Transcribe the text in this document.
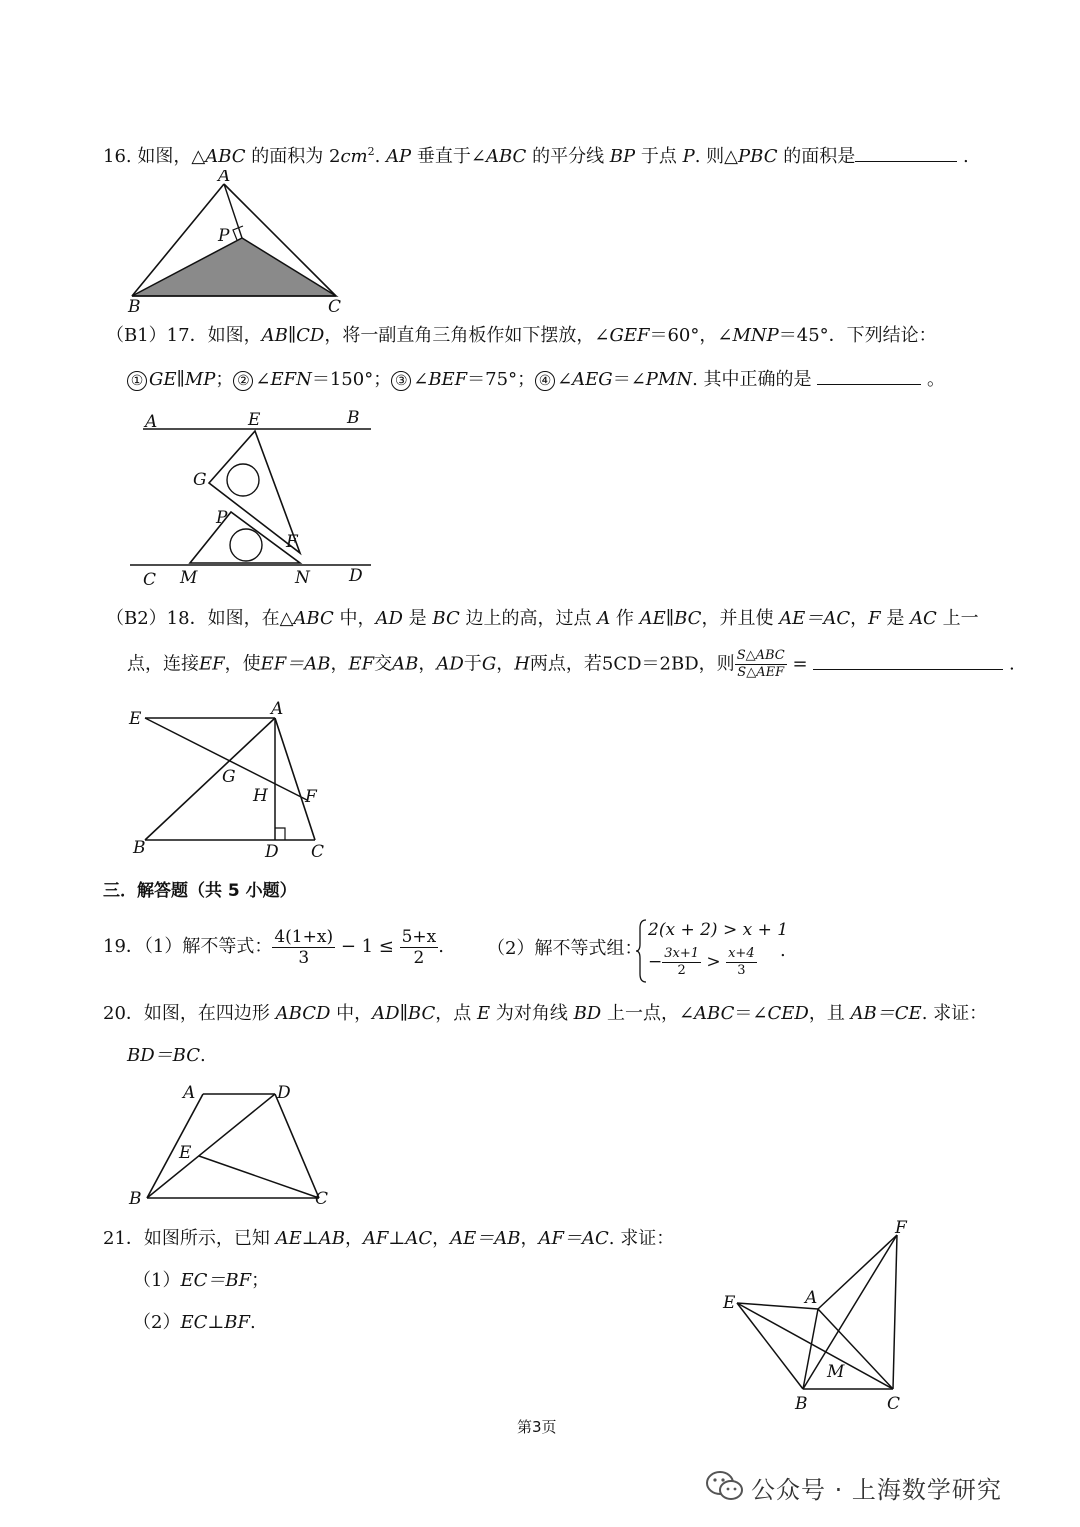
16. 如图，△ABC 的面积为 $2cm^2$. AP 垂直于∠ABC 的平分线 BP 于点 P. 则△PBC 的面积是	.
A
P
B	C
（B1）17．如图，AB∥CD，将一副直角三角板作如下摆放，∠GEF＝60°，∠MNP＝45°．下列结论：
① GE∥MP； ② ∠EFN＝150°； ③ ∠BEF＝75°； ④ ∠AEG＝∠PMN. 其中正确的是	。
A	E	B
G
P
F
C M	N D
（B2）18．如图，在△ABC 中，AD 是 BC 边上的高，过点 A 作 AE∥BC，并且使 AE＝AC，F 是 AC 上一
点，连接EF，使EF＝AB，EF交AB，AD于G，H两点，若5CD＝2BD，则 $\frac{\text{S△ABC}}{\text{S△AEF}}$ =	.
E	A
G
H F
B	D C
三．解答题（共 5 小题）
19．（1）解不等式： $\frac{4(1+x)}{3} - 1 \le \frac{5+x}{2}$ . （2）解不等式组：
2(x + 2) > x + 1
− $\frac{3x+1}{2} > \frac{x+4}{3}$ .
20．如图，在四边形 ABCD 中，AD∥BC，点 E 为对角线 BD 上一点，∠ABC＝∠CED，且 AB＝CE. 求证：
BD＝BC.
A	D
E
B	C
21．如图所示，已知 AE⊥AB，AF⊥AC，AE＝AB，AF＝AC. 求证：
（1）EC＝BF；
（2）EC⊥BF.
F
E	A
M
B	C
第3页
公众号 · 上海数学研究
